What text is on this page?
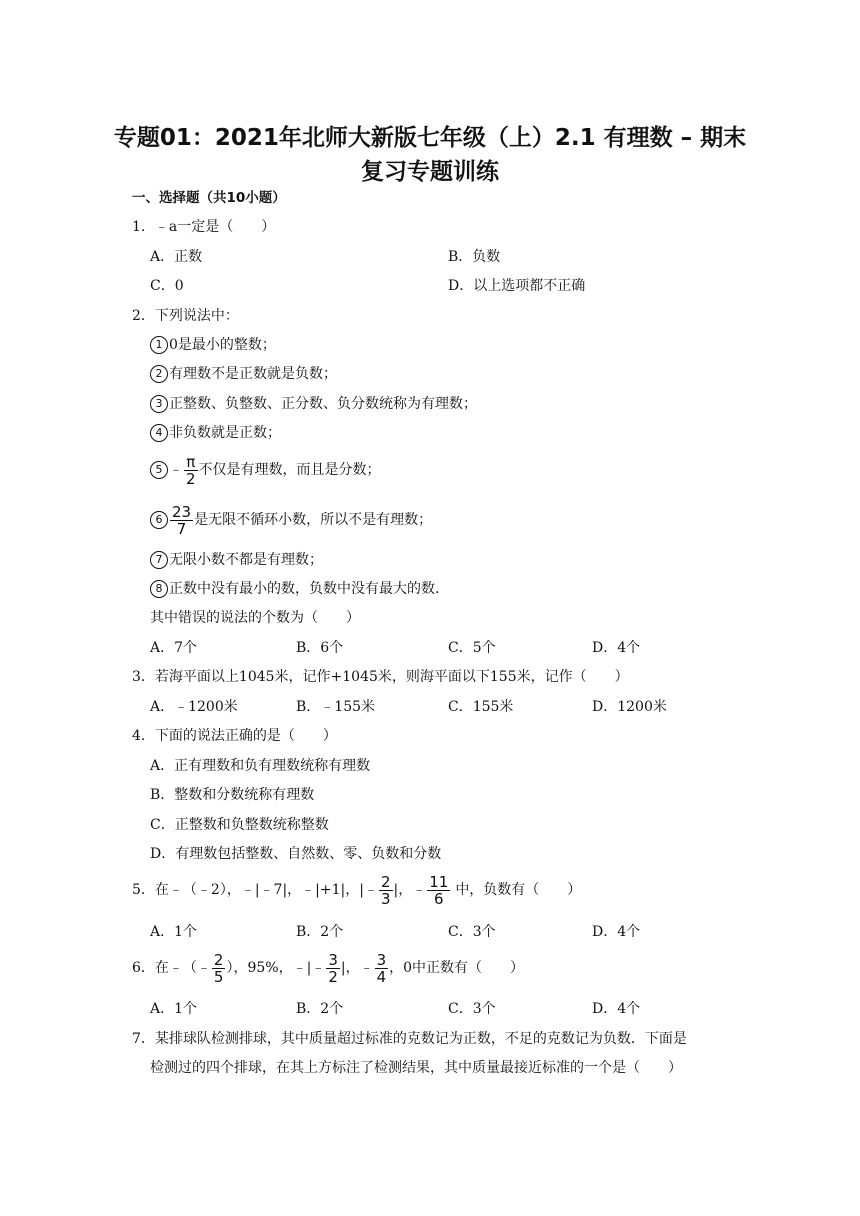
专题01：2021年北师大新版七年级（上）2.1 有理数 – 期末
复习专题训练
一、选择题（共10小题）
1．﹣a一定是（　　）
A．正数	B．负数
C．0	D．以上选项都不正确
2．下列说法中：
1 0是最小的整数；
2 有理数不是正数就是负数；
3 正整数、负整数、正分数、负分数统称为有理数；
4 非负数就是正数；
5 ﹣ $\frac{\pi}{2}$ 不仅是有理数，而且是分数；
$6 \frac{23}{7}$ 是无限不循环小数，所以不是有理数；
7 无限小数不都是有理数；
8 正数中没有最小的数，负数中没有最大的数.
其中错误的说法的个数为（　　）
A．7个	B．6个	C．5个	D．4个
3．若海平面以上1045米，记作+1045米，则海平面以下155米，记作（　　）
A．﹣1200米	B．﹣155米	C．155米	D．1200米
4．下面的说法正确的是（　　）
A．正有理数和负有理数统称有理数
B．整数和分数统称有理数
C．正整数和负整数统称整数
D．有理数包括整数、自然数、零、负数和分数
5．在﹣（﹣2），﹣|﹣7|，﹣|+1|，|﹣ $\frac{2}{3}$ |，﹣ $\frac{11}{6}$ 中，负数有（　　）
A．1个	B．2个	C．3个	D．4个
6．在﹣（﹣ $\frac{2}{5}$ ），95%，﹣|﹣ $\frac{3}{2}$ |，﹣ $\frac{3}{4}$ ，0中正数有（　　）
A．1个	B．2个	C．3个	D．4个
7．某排球队检测排球，其中质量超过标准的克数记为正数，不足的克数记为负数．下面是
检测过的四个排球，在其上方标注了检测结果，其中质量最接近标准的一个是（　　）
